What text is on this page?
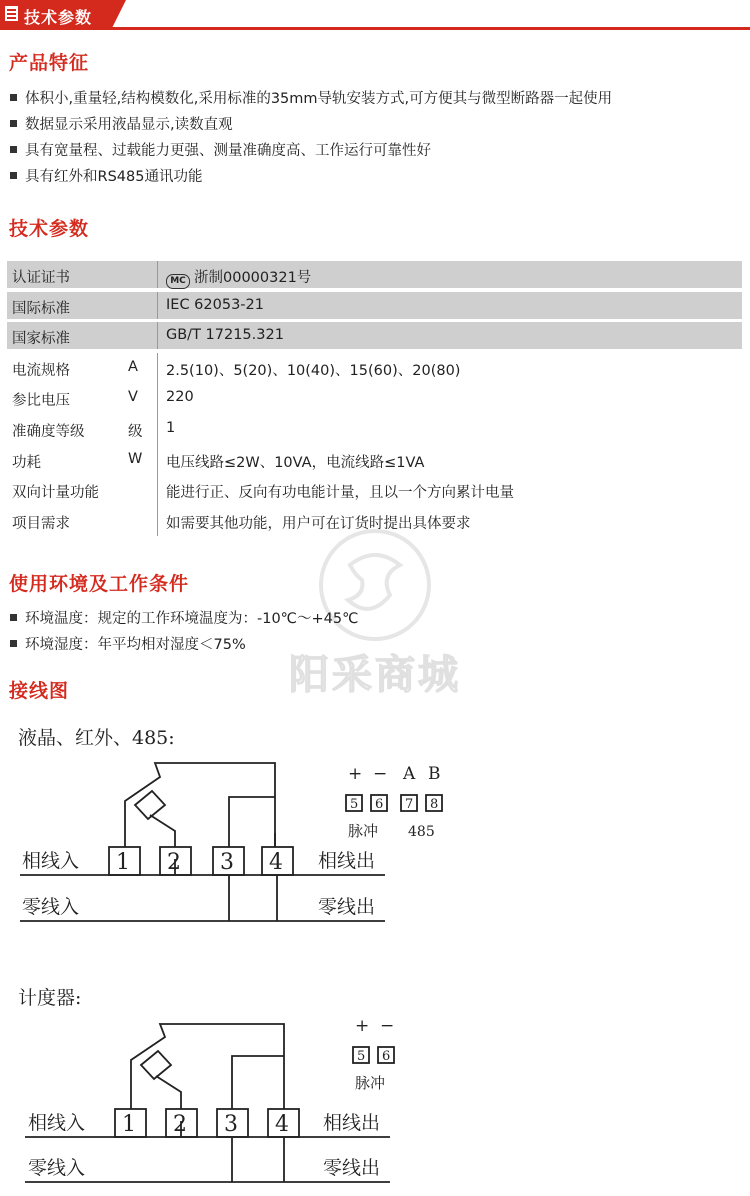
技术参数
产品特征
体积小,重量轻,结构模数化,采用标准的35mm导轨安装方式,可方便其与微型断路器一起使用
数据显示采用液晶显示,读数直观
具有宽量程、过载能力更强、测量准确度高、工作运行可靠性好
具有红外和RS485通讯功能
技术参数
认证证书	MC 浙制00000321号
国际标准	IEC 62053-21
国家标准	GB/T 17215.321
电流规格	A 2.5(10)、5(20)、10(40)、15(60)、20(80)
参比电压	V 220
准确度等级	级 1
功耗	W 电压线路≤2W、10VA，电流线路≤1VA
双向计量功能	能进行正、反向有功电能计量，且以一个方向累计电量
项目需求	如需要其他功能，用户可在订货时提出具体要求
阳采商城
使用环境及工作条件
环境温度：规定的工作环境温度为：-10℃～+45℃
环境湿度：年平均相对湿度＜75%
接线图
液晶、红外、485:
1 2 3 4
相线入	相线出
零线入	零线出
+ − A B
5 6 7 8
脉冲 485
计度器:
1 2 3 4
相线入	相线出
零线入	零线出
+ −
5 6
脉冲
